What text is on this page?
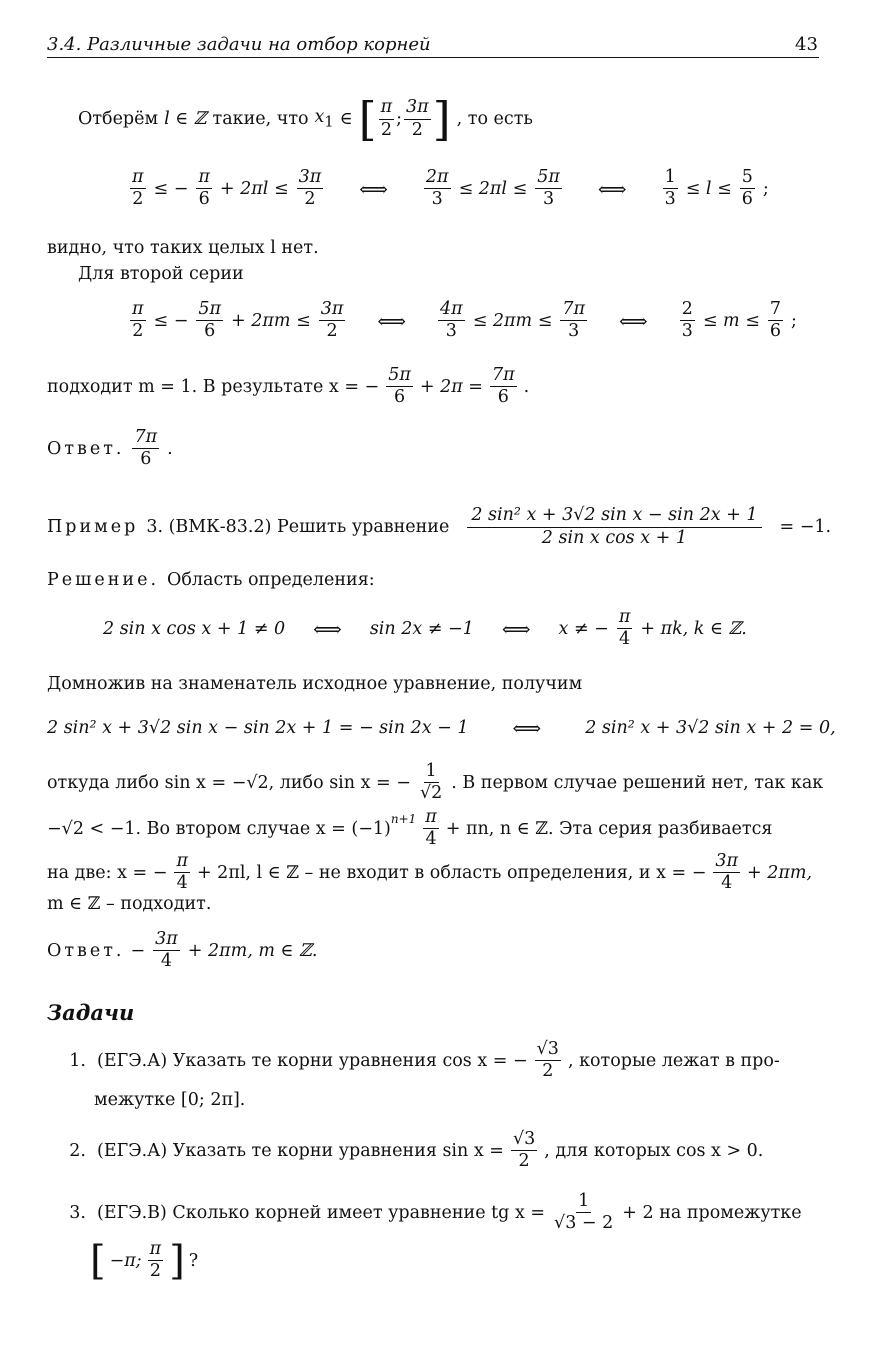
3.4. Различные задачи на отбор корней	43
Отберём l ∈ ℤ такие, что $x_1$ ∈ [ $\frac{\pi}{2}$ ; $\frac{3\pi}{2}$ ] , то есть
$\frac{\pi}{2}$ ≤ − $\frac{\pi}{6} + 2\pi l \le \frac{3\pi}{2}$ ⟺ $\frac{2\pi}{3} \le 2\pi l \le \frac{5\pi}{3}$ ⟺ $\frac{1}{3} \le l \le \frac{5}{6}$ ;
видно, что таких целых l нет.
Для второй серии
$\frac{\pi}{2}$ ≤ − $\frac{5\pi}{6} + 2\pi m \le \frac{3\pi}{2}$ ⟺ $\frac{4\pi}{3} \le 2\pi m \le \frac{7\pi}{3}$ ⟺ $\frac{2}{3} \le m \le \frac{7}{6}$ ;
подходит m = 1. В результате x = − $\frac{5\pi}{6} + 2\pi = \frac{7\pi}{6}$ .
Ответ. $\frac{7\pi}{6}$ .
Пример 3. (ВМК-83.2) Решить уравнение $\frac{\text{2 sin² x + 3√2 sin x − sin 2x + 1}}{\text{2 sin x cos x + 1}} = -1$.
Решение. Область определения:
2 sin x cos x + 1 ≠ 0 ⟺ sin 2x ≠ −1 ⟺ x ≠ − $\frac{\pi}{4} + \pi k$, k ∈ ℤ.
Домножив на знаменатель исходное уравнение, получим
2 sin² x + 3√2 sin x − sin 2x + 1 = − sin 2x − 1 ⟺	2 sin² x + 3√2 sin x + 2 = 0,
откуда либо sin x = −√2, либо sin x = − $\frac{1}{√2}$ . В первом случае решений нет, так как
−√2 < −1. Во втором случае $x = (-1)^{n+1} \frac{\pi}{4} + \pi n$, n ∈ ℤ. Эта серия разбивается
на две: x = − $\frac{\pi}{4} + 2\pi l$, l ∈ ℤ – не входит в область определения, и x = − $\frac{3\pi}{4} + 2\pi m$,
m ∈ ℤ – подходит.
Ответ. − $\frac{3\pi}{4} + 2\pi m$, m ∈ ℤ.
Задачи
1. (ЕГЭ.А) Указать те корни уравнения cos x = − $\frac{√3}{2}$ , которые лежат в про-
межутке [0; 2π].
2. (ЕГЭ.А) Указать те корни уравнения $\sin x = \frac{√3}{2}$ , для которых cos x > 0.
3. (ЕГЭ.В) Сколько корней имеет уравнение tg $x = \frac{1}{√3 - 2} + 2$ на промежутке
[ −π; $\frac{\pi}{2}$ ] ?
